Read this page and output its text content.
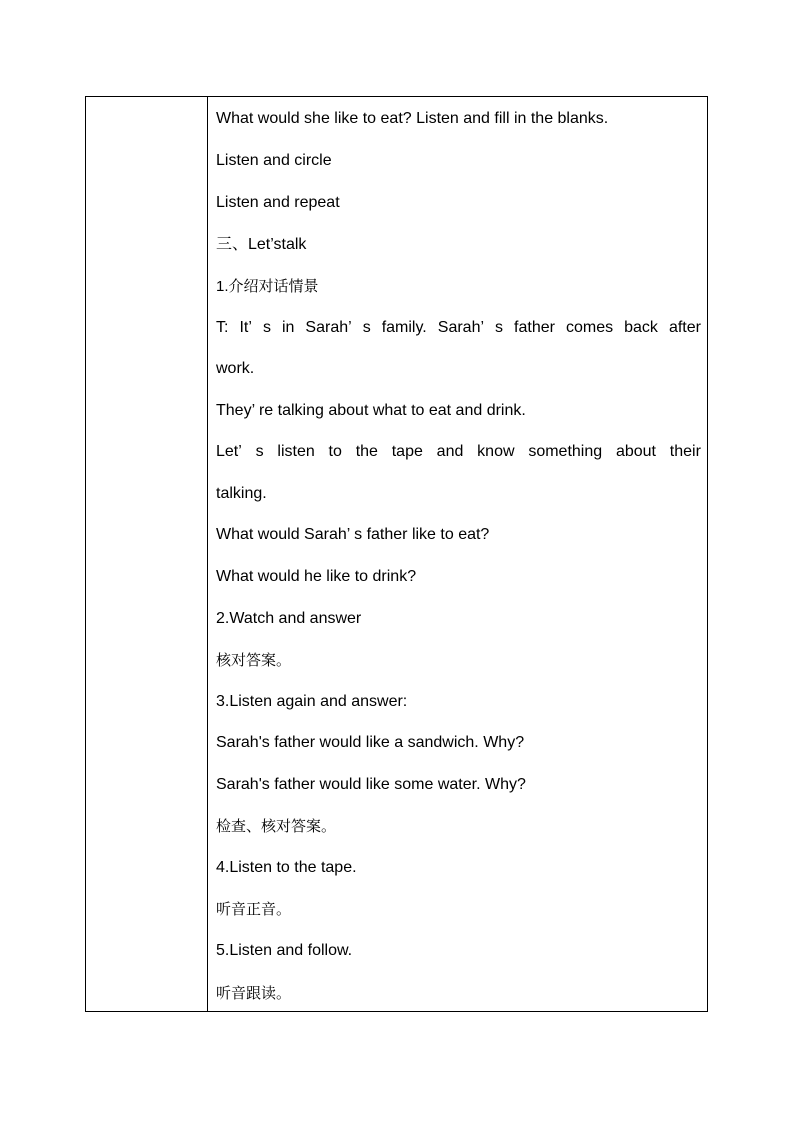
What would she like to eat? Listen and fill in the blanks.
Listen and circle
Listen and repeat
三、Let’stalk
1.介绍对话情景
T: It’ s in Sarah’ s family. Sarah’ s father comes back after
work.
They’ re talking about what to eat and drink.
Let’ s listen to the tape and know something about their
talking.
What would Sarah’ s father like to eat?
What would he like to drink?
2.Watch and answer
核对答案。
3.Listen again and answer:
Sarah's father would like a sandwich. Why?
Sarah's father would like some water. Why?
检查、核对答案。
4.Listen to the tape.
听音正音。
5.Listen and follow.
听音跟读。
